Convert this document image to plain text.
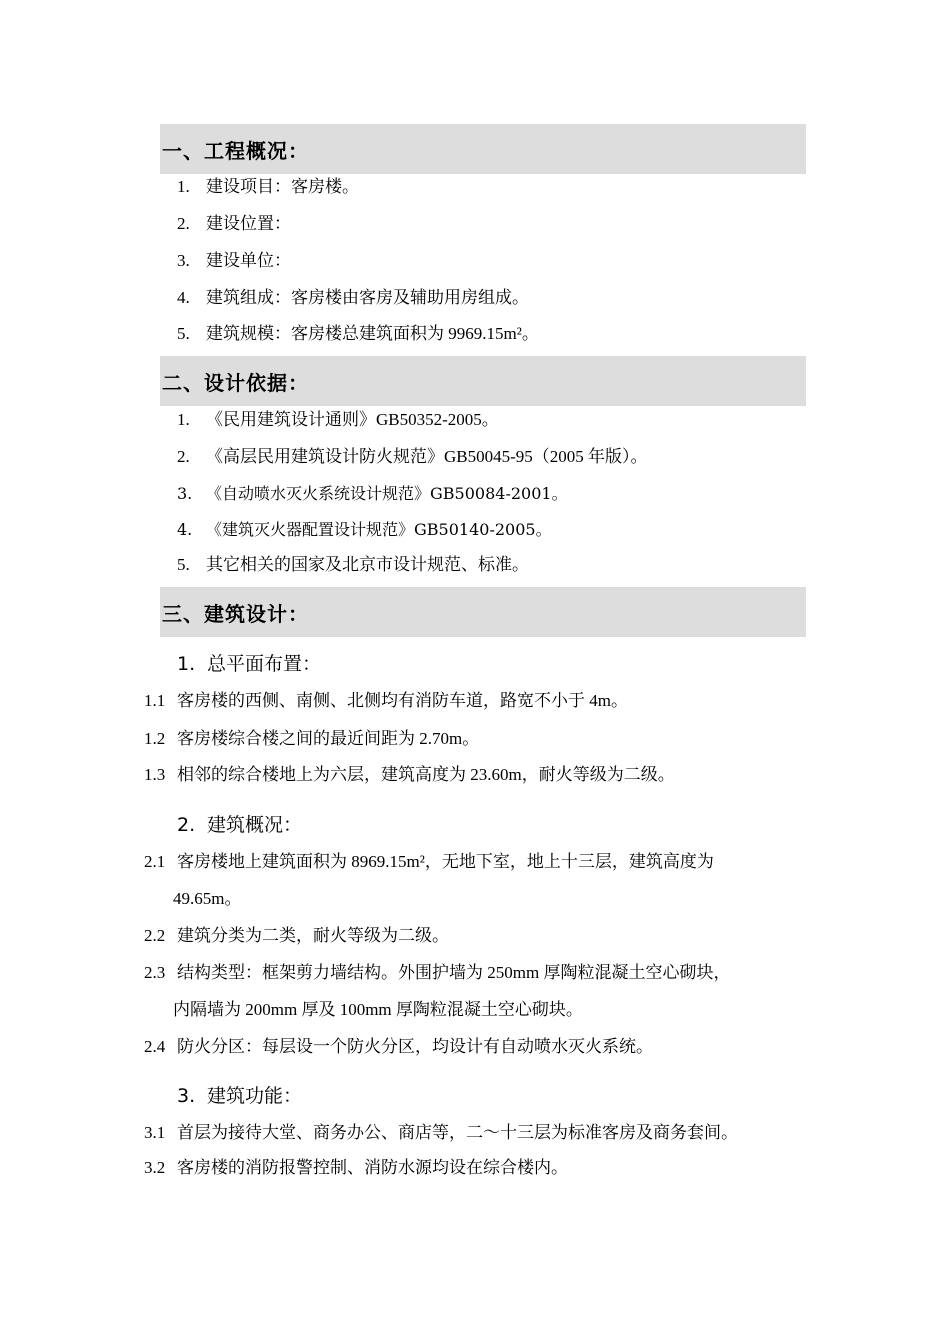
一、工程概况：
1. 建设项目：客房楼。
2. 建设位置：
3. 建设单位：
4. 建筑组成：客房楼由客房及辅助用房组成。
5. 建筑规模：客房楼总建筑面积为 9969.15m²。
二、设计依据：
1. 《民用建筑设计通则》GB50352-2005。
2. 《高层民用建筑设计防火规范》GB50045-95（2005 年版）。
3. 《自动喷水灭火系统设计规范》GB50084-2001。
4. 《建筑灭火器配置设计规范》GB50140-2005。
5. 其它相关的国家及北京市设计规范、标准。
三、建筑设计：
1. 总平面布置：
1.1 客房楼的西侧、南侧、北侧均有消防车道，路宽不小于 4m。
1.2 客房楼综合楼之间的最近间距为 2.70m。
1.3 相邻的综合楼地上为六层，建筑高度为 23.60m，耐火等级为二级。
2. 建筑概况：
2.1 客房楼地上建筑面积为 8969.15m²，无地下室，地上十三层，建筑高度为
49.65m。
2.2 建筑分类为二类，耐火等级为二级。
2.3 结构类型：框架剪力墙结构。外围护墙为 250mm 厚陶粒混凝土空心砌块，
内隔墙为 200mm 厚及 100mm 厚陶粒混凝土空心砌块。
2.4 防火分区：每层设一个防火分区，均设计有自动喷水灭火系统。
3. 建筑功能：
3.1 首层为接待大堂、商务办公、商店等，二～十三层为标准客房及商务套间。
3.2 客房楼的消防报警控制、消防水源均设在综合楼内。
